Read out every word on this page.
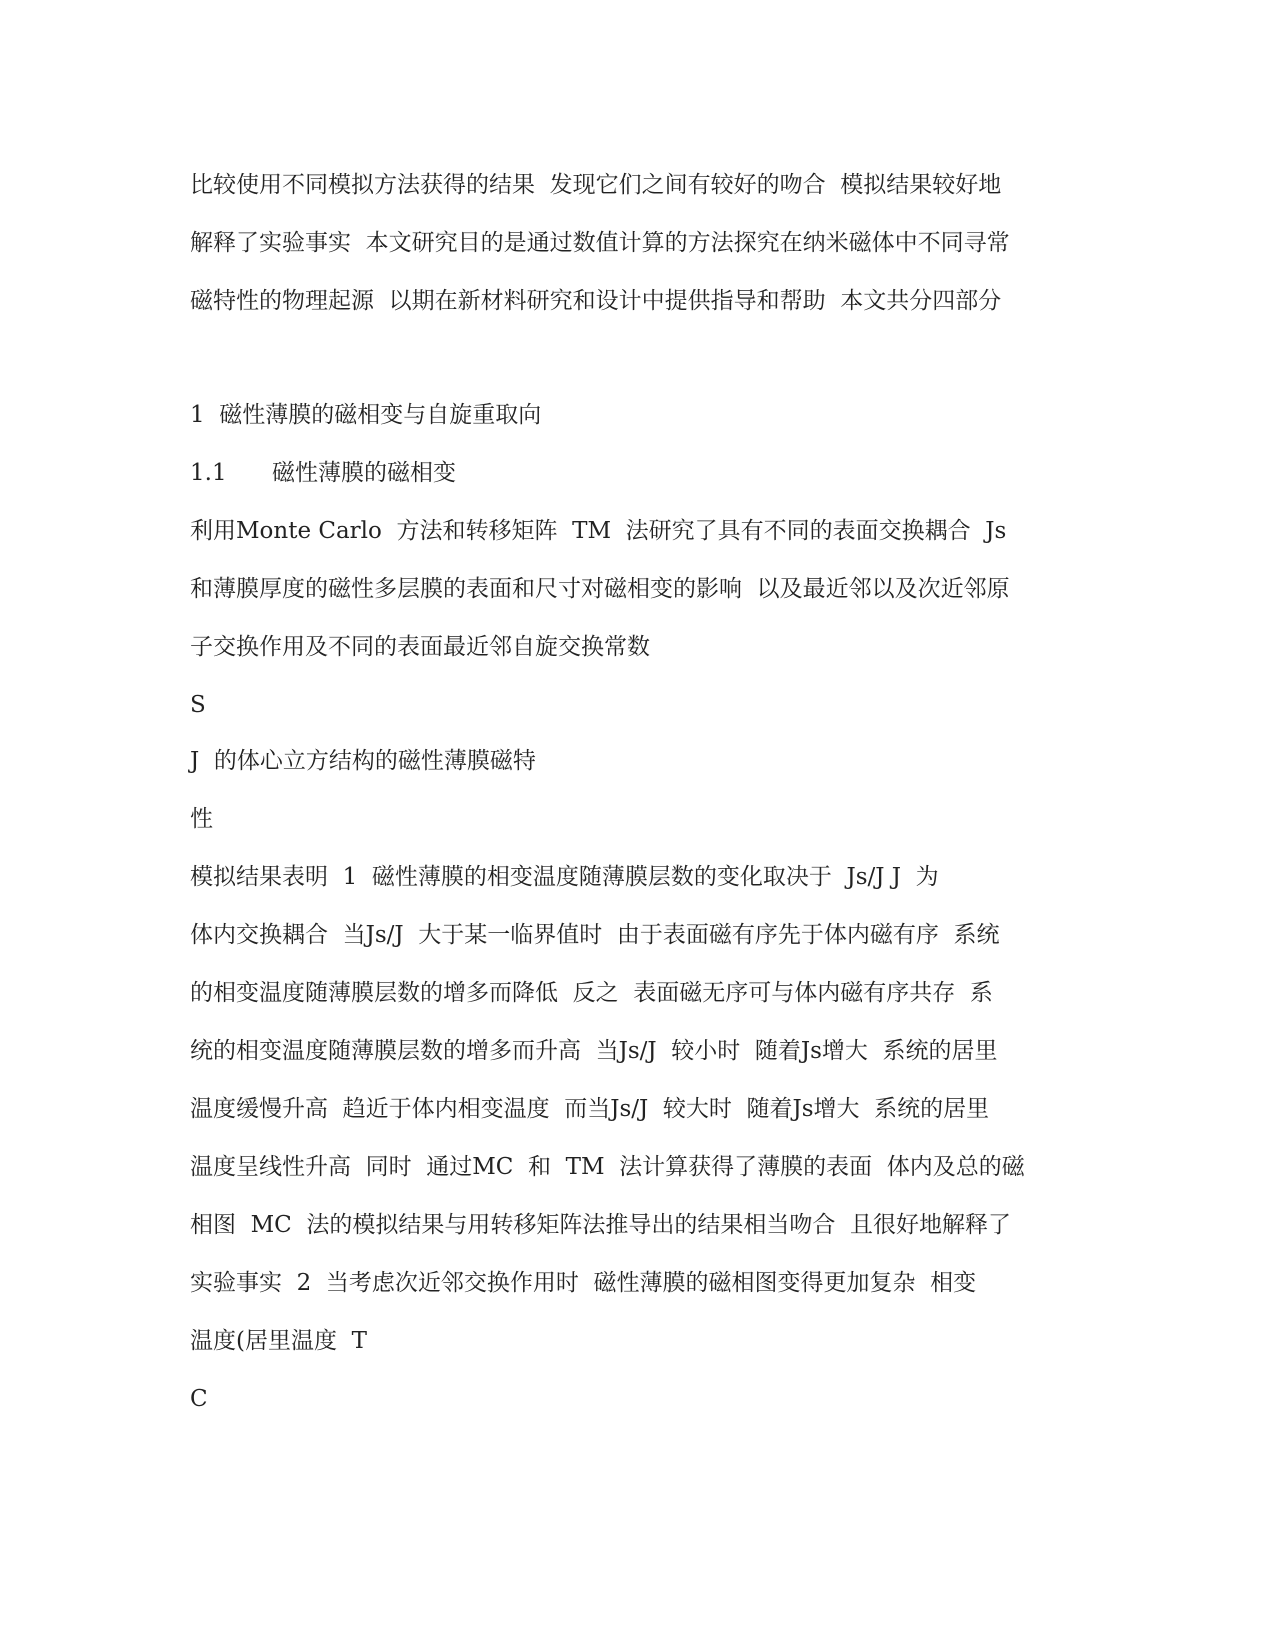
比较使用不同模拟方法获得的结果  发现它们之间有较好的吻合  模拟结果较好地

解释了实验事实  本文研究目的是通过数值计算的方法探究在纳米磁体中不同寻常

磁特性的物理起源  以期在新材料研究和设计中提供指导和帮助  本文共分四部分

1  磁性薄膜的磁相变与自旋重取向

1.1 磁性薄膜的磁相变

利用Monte Carlo  方法和转移矩阵  TM  法研究了具有不同的表面交换耦合  Js

和薄膜厚度的磁性多层膜的表面和尺寸对磁相变的影响  以及最近邻以及次近邻原

子交换作用及不同的表面最近邻自旋交换常数

S

J  的体心立方结构的磁性薄膜磁特

性

模拟结果表明  1  磁性薄膜的相变温度随薄膜层数的变化取决于  Js/J J  为

体内交换耦合  当Js/J  大于某一临界值时  由于表面磁有序先于体内磁有序  系统

的相变温度随薄膜层数的增多而降低  反之  表面磁无序可与体内磁有序共存  系

统的相变温度随薄膜层数的增多而升高  当Js/J  较小时  随着Js增大  系统的居里

温度缓慢升高  趋近于体内相变温度  而当Js/J  较大时  随着Js增大  系统的居里

温度呈线性升高  同时  通过MC  和  TM  法计算获得了薄膜的表面  体内及总的磁

相图  MC  法的模拟结果与用转移矩阵法推导出的结果相当吻合  且很好地解释了

实验事实  2  当考虑次近邻交换作用时  磁性薄膜的磁相图变得更加复杂  相变

温度(居里温度  T

C
